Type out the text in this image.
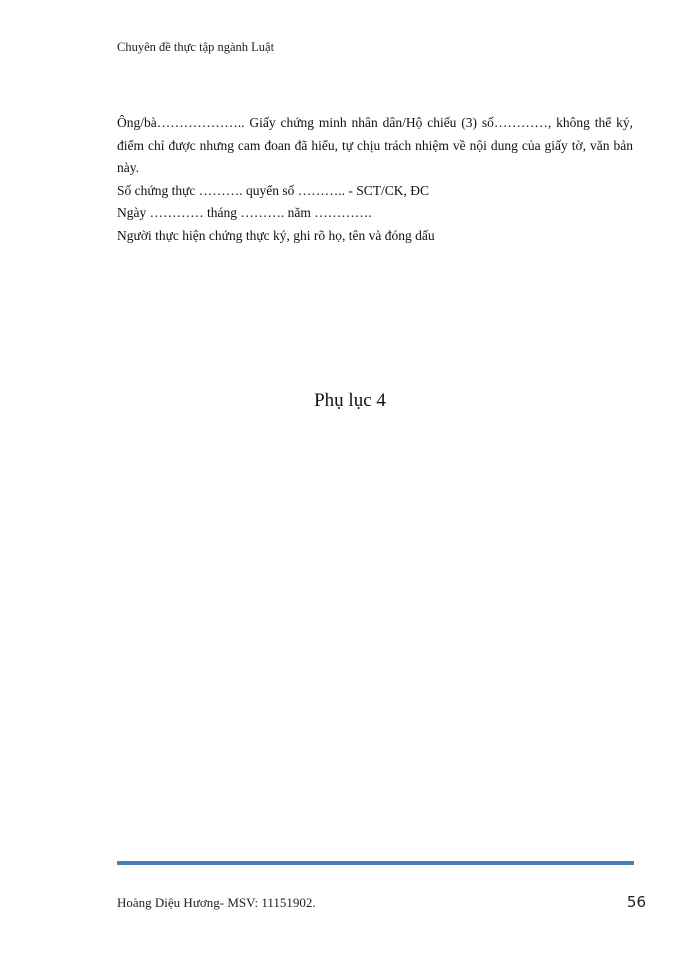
Chuyên đề thực tập ngành Luật

Ông/bà……………….. Giấy chứng minh nhân dân/Hộ chiếu (3) số…………, không thể ký, điểm chỉ được nhưng cam đoan đã hiểu, tự chịu trách nhiệm về nội dung của giấy tờ, văn bản này.

Số chứng thực ………. quyển số ……….. - SCT/CK, ĐC

Ngày ………… tháng ………. năm ………….

Người thực hiện chứng thực ký, ghi rõ họ, tên và đóng dấu

Phụ lục 4
Hoàng Diệu Hương- MSV: 11151902.	56
